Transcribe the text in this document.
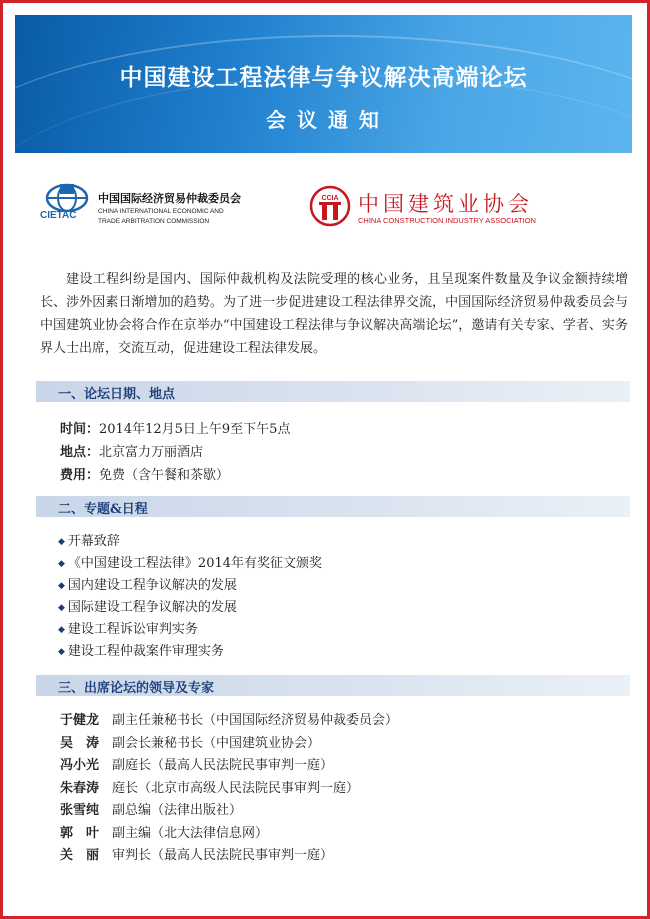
中国建设工程法律与争议解决高端论坛
会 议 通 知
CIETAC
中国国际经济贸易仲裁委员会
CHINA INTERNATIONAL ECONOMIC AND
TRADE ARBITRATION COMMISSION
CCIA 中国建筑业协会
CHINA CONSTRUCTION INDUSTRY ASSOCIATION
建设工程纠纷是国内、国际仲裁机构及法院受理的核心业务，且呈现案件数量及争议金额持续增长、涉外因素日渐增加的趋势。为了进一步促进建设工程法律界交流，中国国际经济贸易仲裁委员会与中国建筑业协会将合作在京举办“中国建设工程法律与争议解决高端论坛”，邀请有关专家、学者、实务界人士出席，交流互动，促进建设工程法律发展。
一、论坛日期、地点
时间：2014年12月5日上午9至下午5点
地点：北京富力万丽酒店
费用：免费（含午餐和茶歇）
二、专题&日程
◆ 开幕致辞
◆ 《中国建设工程法律》2014年有奖征文颁奖
◆ 国内建设工程争议解决的发展
◆ 国际建设工程争议解决的发展
◆ 建设工程诉讼审判实务
◆ 建设工程仲裁案件审理实务
三、出席论坛的领导及专家
于健龙 副主任兼秘书长（中国国际经济贸易仲裁委员会）
吴　涛 副会长兼秘书长（中国建筑业协会）
冯小光 副庭长（最高人民法院民事审判一庭）
朱春涛 庭长（北京市高级人民法院民事审判一庭）
张雪纯 副总编（法律出版社）
郭　叶 副主编（北大法律信息网）
关　丽 审判长（最高人民法院民事审判一庭）
